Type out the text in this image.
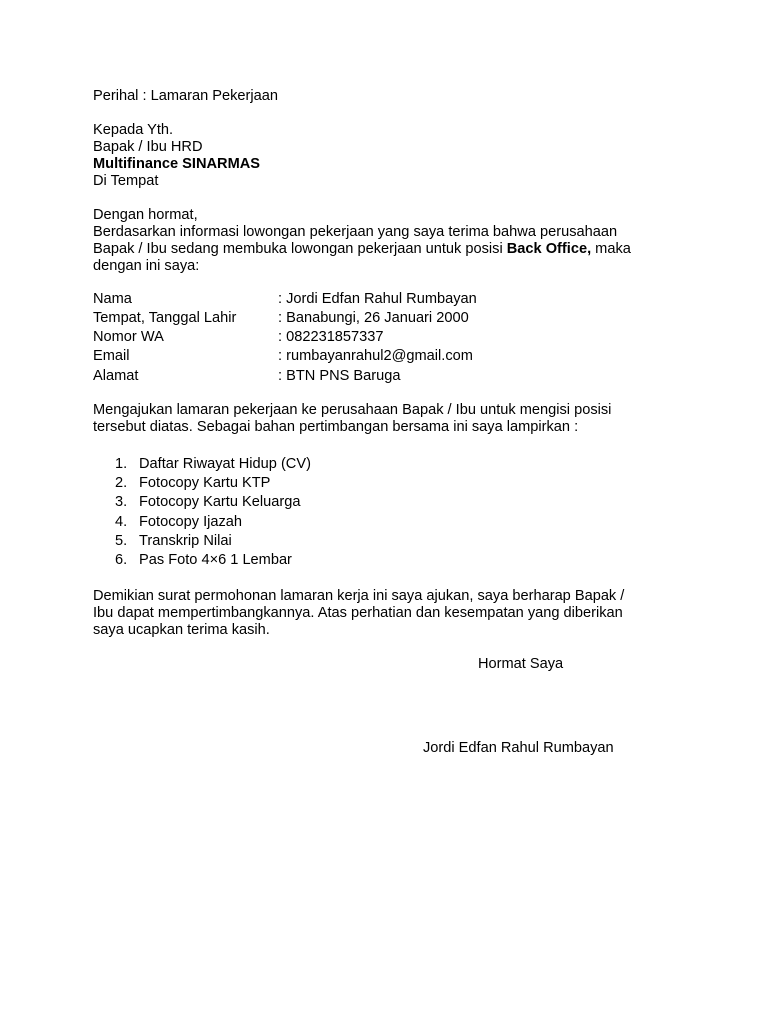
Perihal : Lamaran Pekerjaan
Kepada Yth.
Bapak / Ibu HRD
Multifinance SINARMAS
Di Tempat
Dengan hormat,
Berdasarkan informasi lowongan pekerjaan yang saya terima bahwa perusahaan
Bapak / Ibu sedang membuka lowongan pekerjaan untuk posisi Back Office, maka
dengan ini saya:
Nama	: Jordi Edfan Rahul Rumbayan
Tempat, Tanggal Lahir	: Banabungi, 26 Januari 2000
Nomor WA	: 082231857337
Email	: rumbayanrahul2@gmail.com
Alamat	: BTN PNS Baruga
Mengajukan lamaran pekerjaan ke perusahaan Bapak / Ibu untuk mengisi posisi
tersebut diatas. Sebagai bahan pertimbangan bersama ini saya lampirkan :
1. Daftar Riwayat Hidup (CV)
2. Fotocopy Kartu KTP
3. Fotocopy Kartu Keluarga
4. Fotocopy Ijazah
5. Transkrip Nilai
6. Pas Foto 4×6 1 Lembar
Demikian surat permohonan lamaran kerja ini saya ajukan, saya berharap Bapak /
Ibu dapat mempertimbangkannya. Atas perhatian dan kesempatan yang diberikan
saya ucapkan terima kasih.
Hormat Saya
Jordi Edfan Rahul Rumbayan
